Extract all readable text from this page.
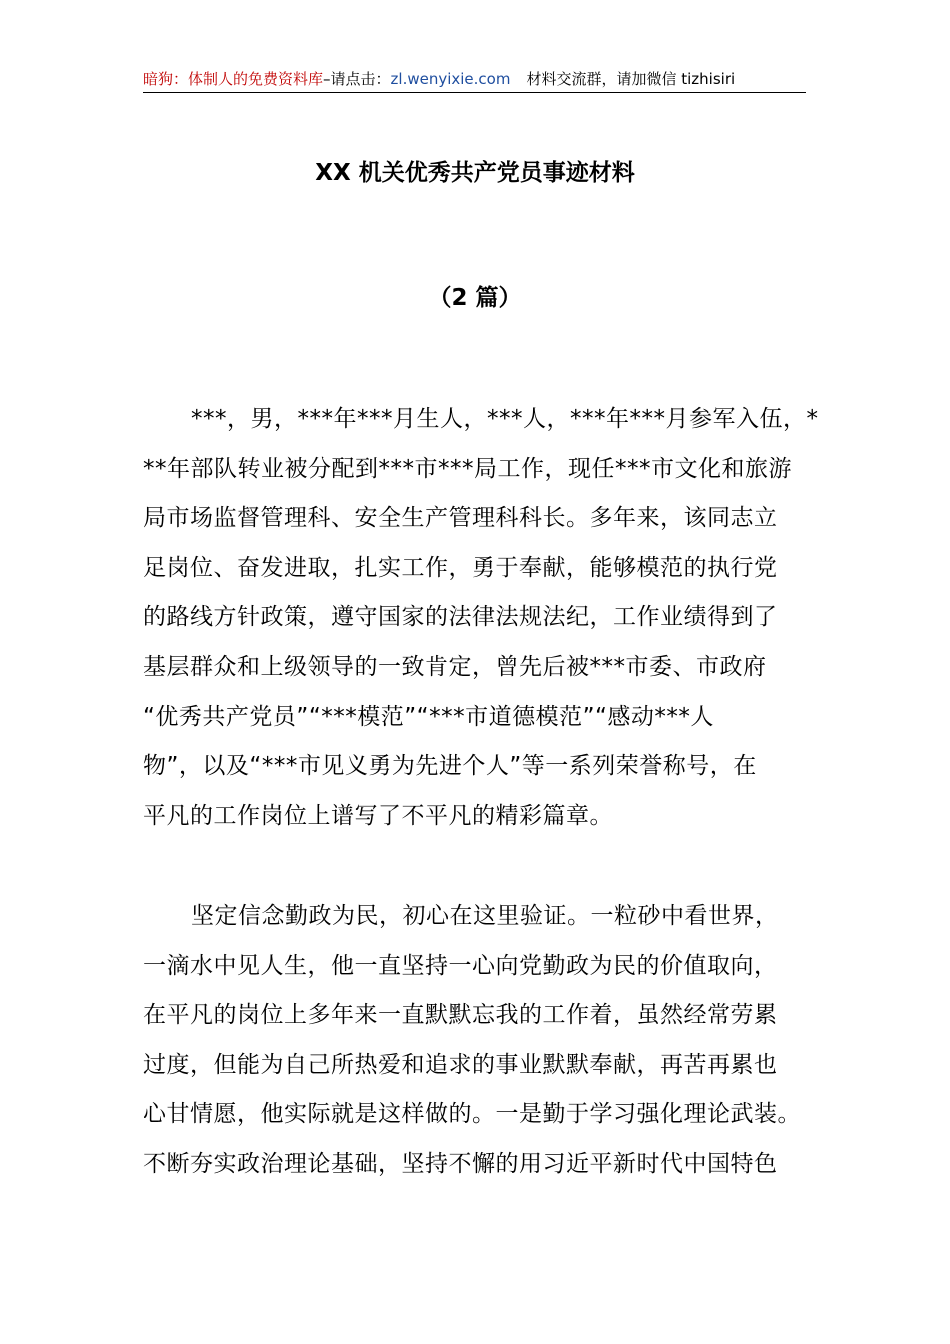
暗狗：体制人的免费资料库–请点击：zl.wenyixie.com 材料交流群，请加微信 tizhisiri
XX 机关优秀共产党员事迹材料
（2 篇）
***，男，***年***月生人，***人，***年***月参军入伍，*
**年部队转业被分配到***市***局工作，现任***市文化和旅游
局市场监督管理科、安全生产管理科科长。多年来，该同志立
足岗位、奋发进取，扎实工作，勇于奉献，能够模范的执行党
的路线方针政策，遵守国家的法律法规法纪，工作业绩得到了
基层群众和上级领导的一致肯定，曾先后被***市委、市政府
“优秀共产党员”“***模范”“***市道德模范”“感动***人
物”，以及“***市见义勇为先进个人”等一系列荣誉称号，在
平凡的工作岗位上谱写了不平凡的精彩篇章。
坚定信念勤政为民，初心在这里验证。一粒砂中看世界，
一滴水中见人生，他一直坚持一心向党勤政为民的价值取向，
在平凡的岗位上多年来一直默默忘我的工作着，虽然经常劳累
过度，但能为自己所热爱和追求的事业默默奉献，再苦再累也
心甘情愿，他实际就是这样做的。一是勤于学习强化理论武装。
不断夯实政治理论基础，坚持不懈的用习近平新时代中国特色
